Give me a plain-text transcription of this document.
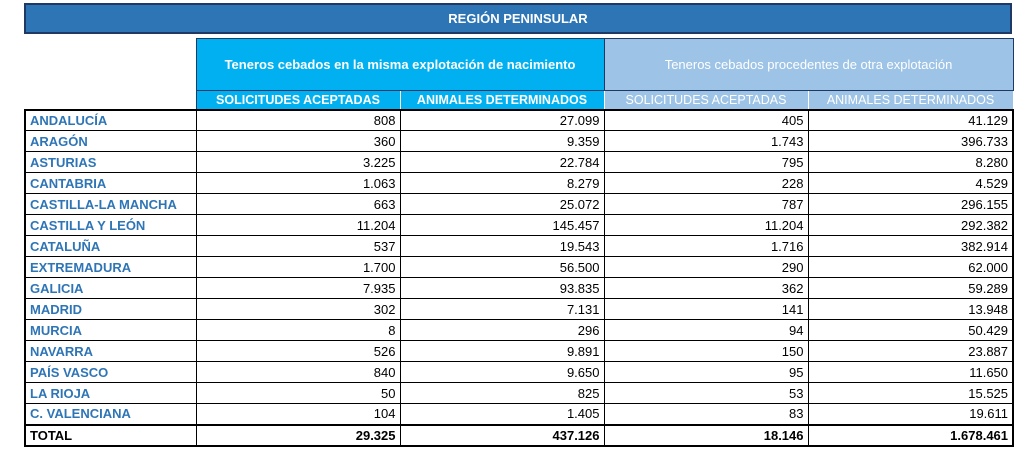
REGIÓN PENINSULAR
	Teneros cebados en la misma explotación de nacimiento		Teneros cebados procedentes de otra explotación	
	SOLICITUDES ACEPTADAS	ANIMALES DETERMINADOS	SOLICITUDES ACEPTADAS	ANIMALES DETERMINADOS
ANDALUCÍA	808	27.099	405	41.129
ARAGÓN	360	9.359	1.743	396.733
ASTURIAS	3.225	22.784	795	8.280
CANTABRIA	1.063	8.279	228	4.529
CASTILLA-LA MANCHA	663	25.072	787	296.155
CASTILLA Y LEÓN	11.204	145.457	11.204	292.382
CATALUÑA	537	19.543	1.716	382.914
EXTREMADURA	1.700	56.500	290	62.000
GALICIA	7.935	93.835	362	59.289
MADRID	302	7.131	141	13.948
MURCIA	8	296	94	50.429
NAVARRA	526	9.891	150	23.887
PAÍS VASCO	840	9.650	95	11.650
LA RIOJA	50	825	53	15.525
C. VALENCIANA	104	1.405	83	19.611
TOTAL	29.325	437.126	18.146	1.678.461
